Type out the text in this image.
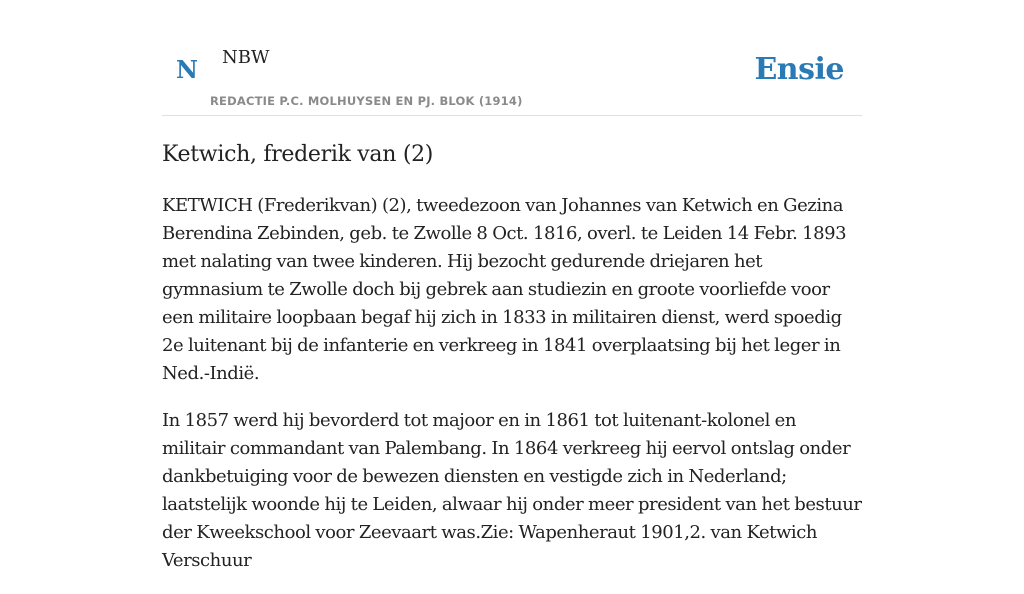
N NBW
REDACTIE P.C. MOLHUYSEN EN PJ. BLOK (1914)
Ensie
Ketwich, frederik van (2)

KETWICH (Frederikvan) (2), tweedezoon van Johannes van Ketwich en Gezina Berendina Zebinden, geb. te Zwolle 8 Oct. 1816, overl. te Leiden 14 Febr. 1893 met nalating van twee kinderen. Hij bezocht gedurende driejaren het gymnasium te Zwolle doch bij gebrek aan studiezin en groote voorliefde voor een militaire loopbaan begaf hij zich in 1833 in militairen dienst, werd spoedig 2e luitenant bij de infanterie en verkreeg in 1841 overplaatsing bij het leger in Ned.-Indië.

In 1857 werd hij bevorderd tot majoor en in 1861 tot luitenant-kolonel en militair commandant van Palembang. In 1864 verkreeg hij eervol ontslag onder dankbetuiging voor de bewezen diensten en vestigde zich in Nederland; laatstelijk woonde hij te Leiden, alwaar hij onder meer president van het bestuur der Kweekschool voor Zeevaart was.Zie: Wapenheraut 1901,2. van Ketwich Verschuur
